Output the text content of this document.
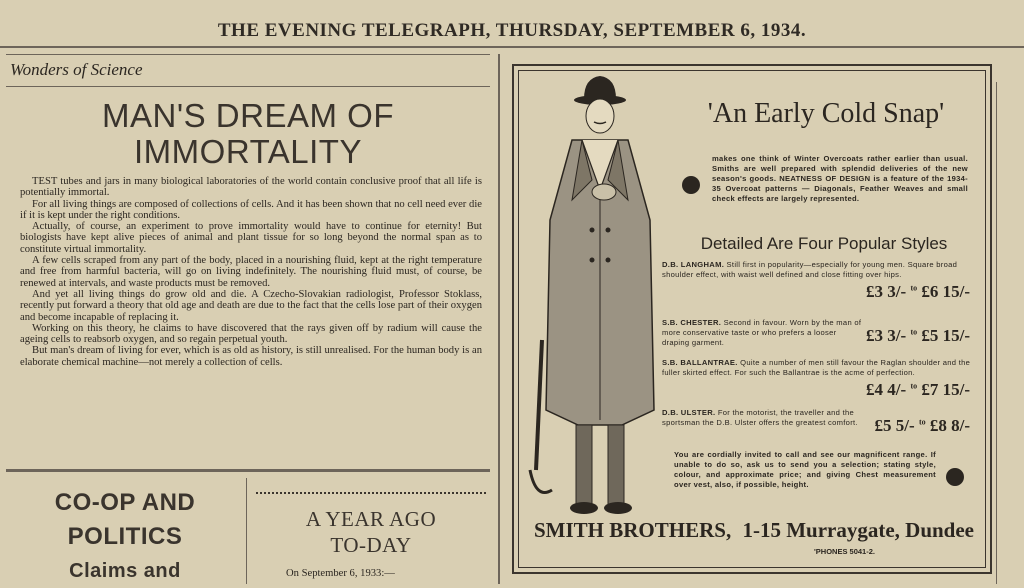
THE EVENING TELEGRAPH, THURSDAY, SEPTEMBER 6, 1934.
Wonders of Science
MAN'S DREAM OF
IMMORTALITY

TEST tubes and jars in many biological laboratories of the world contain conclusive proof that all life is potentially immortal.

For all living things are composed of collections of cells. And it has been shown that no cell need ever die if it is kept under the right conditions.

Actually, of course, an experiment to prove immortality would have to continue for eternity! But biologists have kept alive pieces of animal and plant tissue for so long beyond the normal span as to constitute virtual immortality.

A few cells scraped from any part of the body, placed in a nourishing fluid, kept at the right temperature and free from harmful bacteria, will go on living indefinitely. The nourishing fluid must, of course, be renewed at intervals, and waste products must be removed.

And yet all living things do grow old and die. A Czecho-Slovakian radiologist, Professor Stoklass, recently put forward a theory that old age and death are due to the fact that the cells lose part of their oxygen and become incapable of replacing it.

Working on this theory, he claims to have discovered that the rays given off by radium will cause the ageing cells to reabsorb oxygen, and so regain perpetual youth.

But man's dream of living for ever, which is as old as history, is still unrealised. For the human body is an elaborate chemical machine—not merely a collection of cells.

CO-OP AND
POLITICS
Claims and
A YEAR AGO
TO-DAY
On September 6, 1933:—
'An Early Cold Snap'
makes one think of Winter Overcoats rather earlier than usual. Smiths are well prepared with splendid deliveries of the new season's goods. NEATNESS OF DESIGN is a feature of the 1934-35 Overcoat patterns — Diagonals, Feather Weaves and small check effects are largely represented.
Detailed Are Four Popular Styles
D.B. LANGHAM. Still first in popularity—especially for young men. Square broad shoulder effect, with waist well defined and close fitting over hips.
£3 3/- $^{to}$ £6 15/-
S.B. CHESTER. Second in favour. Worn by the man of more conservative taste or who prefers a looser draping garment.	£3 3/- $^{to}$ £5 15/-
S.B. BALLANTRAE. Quite a number of men still favour the Raglan shoulder and the fuller skirted effect. For such the Ballantrae is the acme of perfection.
£4 4/- $^{to}$ £7 15/-
D.B. ULSTER. For the motorist, the traveller and the sportsman the D.B. Ulster offers the greatest comfort. £5 5/- $^{to}$ £8 8/-
You are cordially invited to call and see our magnificent range. If unable to do so, ask us to send you a selection; stating style, colour, and approximate price; and giving Chest measurement over vest, also, if possible, height.
SMITH BROTHERS, 1-15 Murraygate, Dundee
'PHONES 5041-2.
